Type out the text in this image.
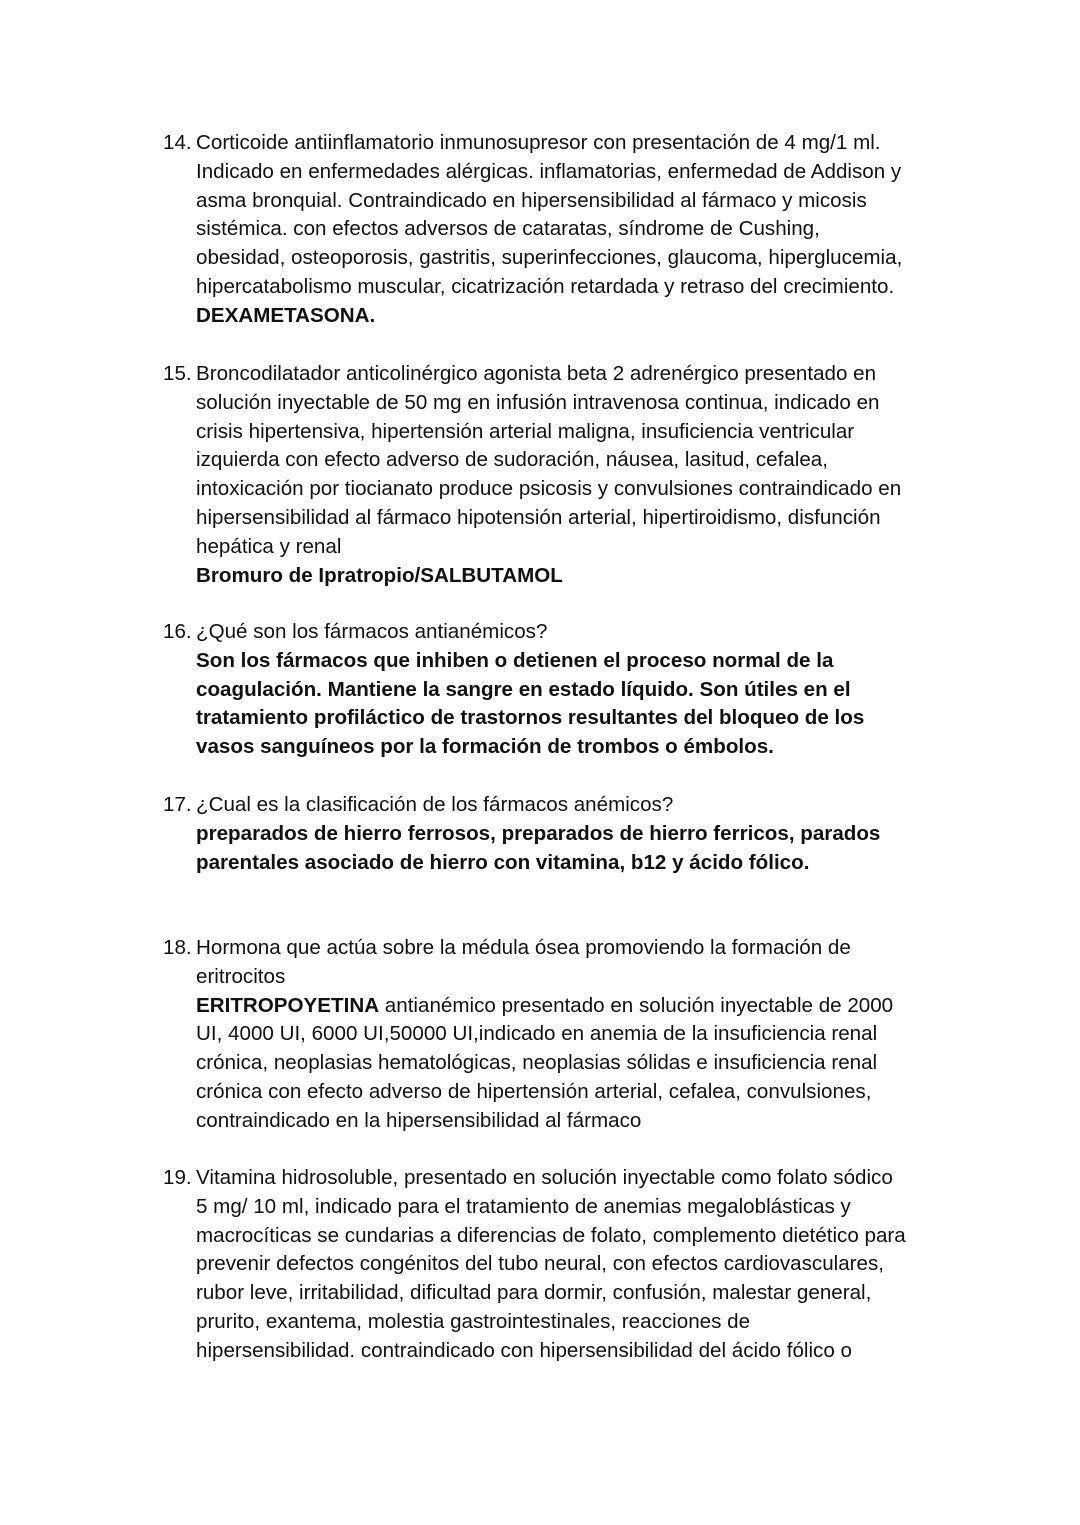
14. Corticoide antiinflamatorio inmunosupresor con presentación de 4 mg/1 ml.
Indicado en enfermedades alérgicas. inflamatorias, enfermedad de Addison y
asma bronquial. Contraindicado en hipersensibilidad al fármaco y micosis
sistémica. con efectos adversos de cataratas, síndrome de Cushing,
obesidad, osteoporosis, gastritis, superinfecciones, glaucoma, hiperglucemia,
hipercatabolismo muscular, cicatrización retardada y retraso del crecimiento.
DEXAMETASONA.
15. Broncodilatador anticolinérgico agonista beta 2 adrenérgico presentado en
solución inyectable de 50 mg en infusión intravenosa continua, indicado en
crisis hipertensiva, hipertensión arterial maligna, insuficiencia ventricular
izquierda con efecto adverso de sudoración, náusea, lasitud, cefalea,
intoxicación por tiocianato produce psicosis y convulsiones contraindicado en
hipersensibilidad al fármaco hipotensión arterial, hipertiroidismo, disfunción
hepática y renal
Bromuro de Ipratropio/SALBUTAMOL
16. ¿Qué son los fármacos antianémicos?
Son los fármacos que inhiben o detienen el proceso normal de la
coagulación. Mantiene la sangre en estado líquido. Son útiles en el
tratamiento profiláctico de trastornos resultantes del bloqueo de los
vasos sanguíneos por la formación de trombos o émbolos.
17. ¿Cual es la clasificación de los fármacos anémicos?
preparados de hierro ferrosos, preparados de hierro ferricos, parados
parentales asociado de hierro con vitamina, b12 y ácido fólico.
18. Hormona que actúa sobre la médula ósea promoviendo la formación de
eritrocitos
ERITROPOYETINA antianémico presentado en solución inyectable de 2000
UI, 4000 UI, 6000 UI,50000 UI,indicado en anemia de la insuficiencia renal
crónica, neoplasias hematológicas, neoplasias sólidas e insuficiencia renal
crónica con efecto adverso de hipertensión arterial, cefalea, convulsiones,
contraindicado en la hipersensibilidad al fármaco
19. Vitamina hidrosoluble, presentado en solución inyectable como folato sódico
5 mg/ 10 ml, indicado para el tratamiento de anemias megaloblásticas y
macrocíticas se cundarias a diferencias de folato, complemento dietético para
prevenir defectos congénitos del tubo neural, con efectos cardiovasculares,
rubor leve, irritabilidad, dificultad para dormir, confusión, malestar general,
prurito, exantema, molestia gastrointestinales, reacciones de
hipersensibilidad. contraindicado con hipersensibilidad del ácido fólico o
